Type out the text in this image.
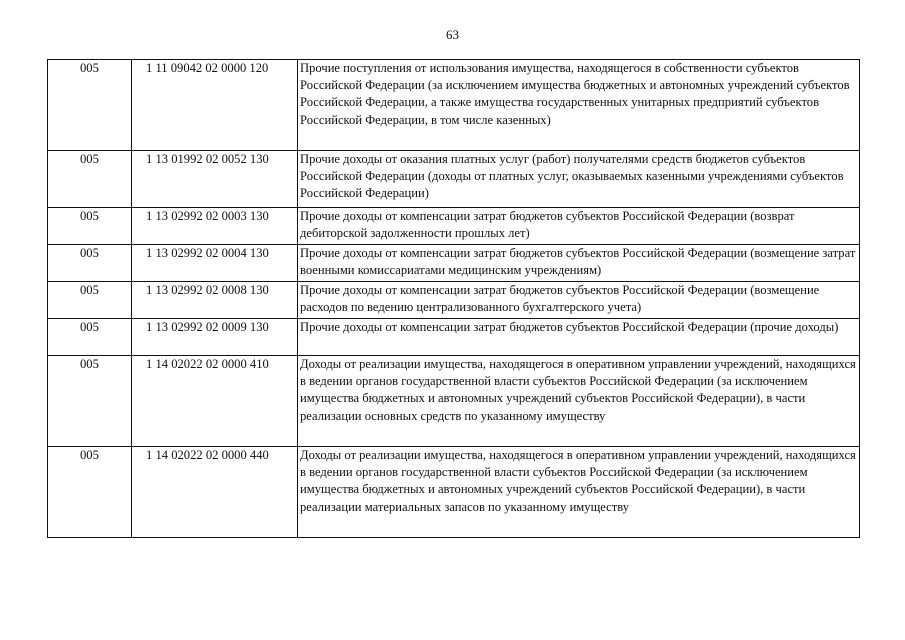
63
005	1 11 09042 02 0000 120	Прочие поступления от использования имущества, находящегося в собственности субъектов Российской Федерации (за исключением имущества бюджетных и автономных учреждений субъектов Российской Федерации, а также имущества государственных унитарных предприятий субъектов Российской Федерации, в том числе казенных)
005	1 13 01992 02 0052 130	Прочие доходы от оказания платных услуг (работ) получателями средств бюджетов субъектов Российской Федерации (доходы от платных услуг, оказываемых казенными учреждениями субъектов Российской Федерации)
005	1 13 02992 02 0003 130	Прочие доходы от компенсации затрат бюджетов субъектов Российской Федерации (возврат дебиторской задолженности прошлых лет)
005	1 13 02992 02 0004 130	Прочие доходы от компенсации затрат бюджетов субъектов Российской Федерации (возмещение затрат военными комиссариатами медицинским учреждениям)
005	1 13 02992 02 0008 130	Прочие доходы от компенсации затрат бюджетов субъектов Российской Федерации (возмещение расходов по ведению централизованного бухгалтерского учета)
005	1 13 02992 02 0009 130	Прочие доходы от компенсации затрат бюджетов субъектов Российской Федерации (прочие доходы)
005	1 14 02022 02 0000 410	Доходы от реализации имущества, находящегося в оперативном управлении учреждений, находящихся в ведении органов государственной власти субъектов Российской Федерации (за исключением имущества бюджетных и автономных учреждений субъектов Российской Федерации), в части реализации основных средств по указанному имуществу
005	1 14 02022 02 0000 440	Доходы от реализации имущества, находящегося в оперативном управлении учреждений, находящихся в ведении органов государственной власти субъектов Российской Федерации (за исключением имущества бюджетных и автономных учреждений субъектов Российской Федерации), в части реализации материальных запасов по указанному имуществу
